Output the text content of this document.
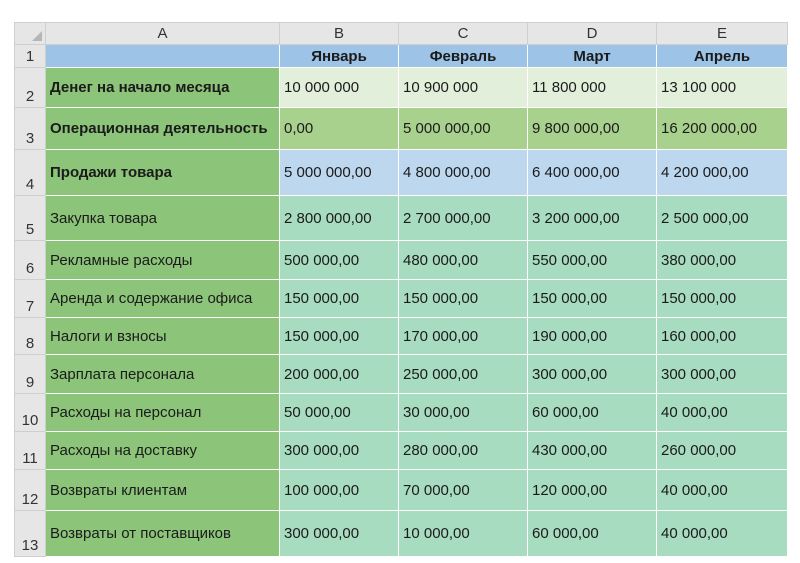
	A	B	C	D	E
1		Январь	Февраль	Март	Апрель
2	Денег на начало месяца	10 000 000	10 900 000	11 800 000	13 100 000
3	Операционная деятельность	0,00	5 000 000,00	9 800 000,00	16 200 000,00
4	Продажи товара	5 000 000,00	4 800 000,00	6 400 000,00	4 200 000,00
5	Закупка товара	2 800 000,00	2 700 000,00	3 200 000,00	2 500 000,00
6	Рекламные расходы	500 000,00	480 000,00	550 000,00	380 000,00
7	Аренда и содержание офиса	150 000,00	150 000,00	150 000,00	150 000,00
8	Налоги и взносы	150 000,00	170 000,00	190 000,00	160 000,00
9	Зарплата персонала	200 000,00	250 000,00	300 000,00	300 000,00
10	Расходы на персонал	50 000,00	30 000,00	60 000,00	40 000,00
11	Расходы на доставку	300 000,00	280 000,00	430 000,00	260 000,00
12	Возвраты клиентам	100 000,00	70 000,00	120 000,00	40 000,00
13	Возвраты от поставщиков	300 000,00	10 000,00	60 000,00	40 000,00
